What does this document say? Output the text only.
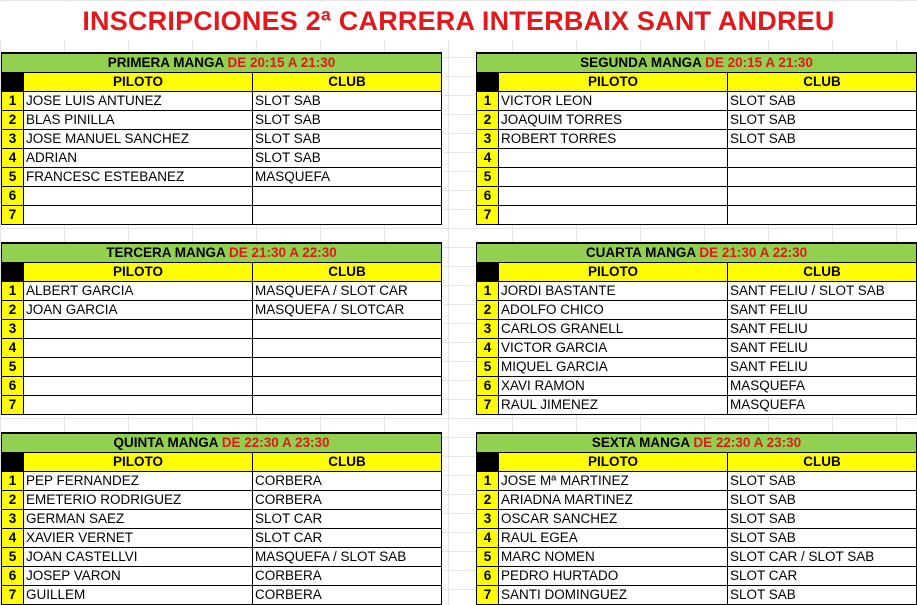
INSCRIPCIONES 2ª CARRERA INTERBAIX SANT ANDREU
PRIMERA MANGA DE 20:15 A 21:30		
	PILOTO	CLUB
1	JOSE LUIS ANTUNEZ	SLOT SAB
2	BLAS PINILLA	SLOT SAB
3	JOSE MANUEL SANCHEZ	SLOT SAB
4	ADRIAN	SLOT SAB
5	FRANCESC ESTEBANEZ	MASQUEFA
6		
7		
SEGUNDA MANGA DE 20:15 A 21:30		
	PILOTO	CLUB
1	VICTOR LEON	SLOT SAB
2	JOAQUIM TORRES	SLOT SAB
3	ROBERT TORRES	SLOT SAB
4		
5		
6		
7		
TERCERA MANGA DE 21:30 A 22:30		
	PILOTO	CLUB
1	ALBERT GARCIA	MASQUEFA / SLOT CAR
2	JOAN GARCIA	MASQUEFA / SLOTCAR
3		
4		
5		
6		
7		
CUARTA MANGA DE 21:30 A 22:30		
	PILOTO	CLUB
1	JORDI BASTANTE	SANT FELIU / SLOT SAB
2	ADOLFO CHICO	SANT FELIU
3	CARLOS GRANELL	SANT FELIU
4	VICTOR GARCIA	SANT FELIU
5	MIQUEL GARCIA	SANT FELIU
6	XAVI RAMON	MASQUEFA
7	RAUL JIMENEZ	MASQUEFA
QUINTA MANGA DE 22:30 A 23:30		
	PILOTO	CLUB
1	PEP FERNANDEZ	CORBERA
2	EMETERIO RODRIGUEZ	CORBERA
3	GERMAN SAEZ	SLOT CAR
4	XAVIER VERNET	SLOT CAR
5	JOAN CASTELLVI	MASQUEFA / SLOT SAB
6	JOSEP VARON	CORBERA
7	GUILLEM	CORBERA
SEXTA MANGA DE 22:30 A 23:30		
	PILOTO	CLUB
1	JOSE Mª MARTINEZ	SLOT SAB
2	ARIADNA MARTINEZ	SLOT SAB
3	OSCAR SANCHEZ	SLOT SAB
4	RAUL EGEA	SLOT SAB
5	MARC NOMEN	SLOT CAR / SLOT SAB
6	PEDRO HURTADO	SLOT CAR
7	SANTI DOMINGUEZ	SLOT SAB
